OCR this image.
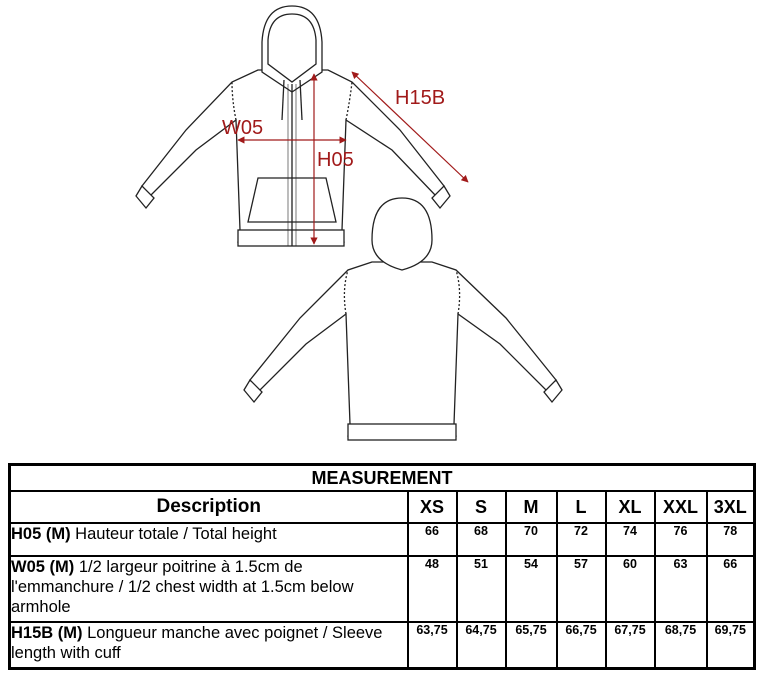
W05
H05
H15B
MEASUREMENT							
Description	XS	S	M	L	XL	XXL	3XL
H05 (M) Hauteur totale / Total height	66	68	70	72	74	76	78
W05 (M) 1/2 largeur poitrine à 1.5cm de l'emmanchure / 1/2 chest width at 1.5cm below armhole	48	51	54	57	60	63	66
H15B (M) Longueur manche avec poignet / Sleeve length with cuff	63,75	64,75	65,75	66,75	67,75	68,75	69,75
